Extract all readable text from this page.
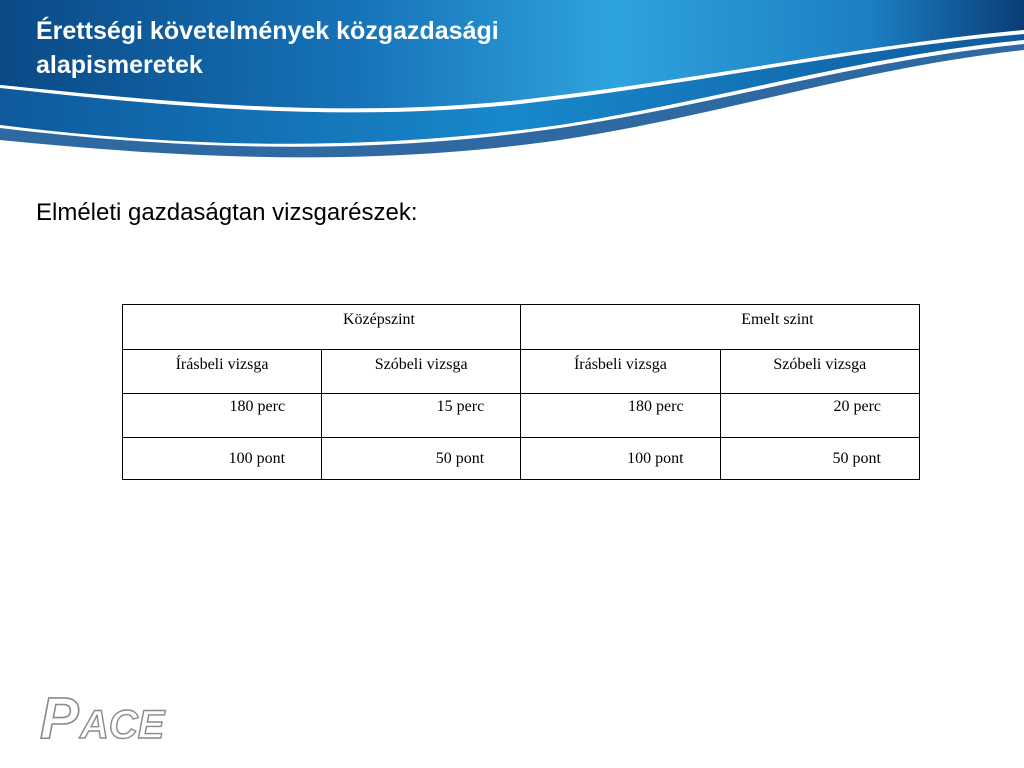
Érettségi követelmények közgazdasági
alapismeretek

Elméleti gazdaságtan vizsgarészek:

Középszint		Emelt szint	
Írásbeli vizsga	Szóbeli vizsga	Írásbeli vizsga	Szóbeli vizsga
180 perc	15 perc	180 perc	20 perc
100 pont	50 pont	100 pont	50 pont
P ACE
